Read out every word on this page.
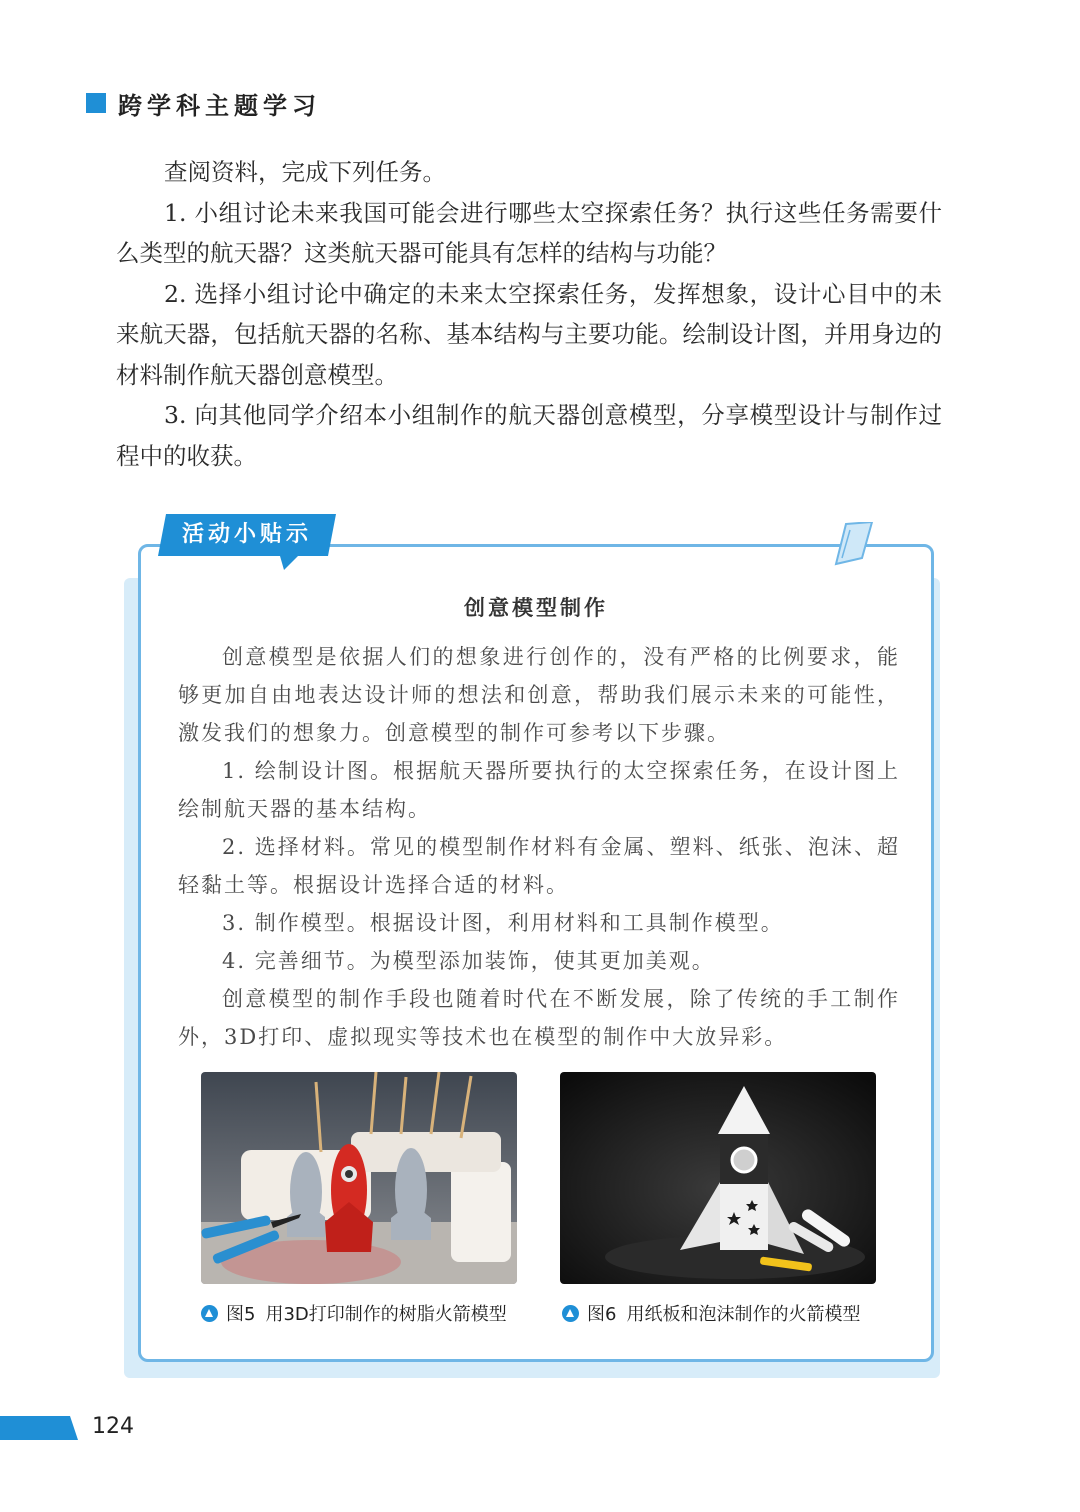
跨学科主题学习

查阅资料，完成下列任务。

1. 小组讨论未来我国可能会进行哪些太空探索任务？执行这些任务需要什么类型的航天器？这类航天器可能具有怎样的结构与功能？

2. 选择小组讨论中确定的未来太空探索任务，发挥想象，设计心目中的未来航天器，包括航天器的名称、基本结构与主要功能。绘制设计图，并用身边的材料制作航天器创意模型。

3. 向其他同学介绍本小组制作的航天器创意模型，分享模型设计与制作过程中的收获。

活动小贴示
创意模型制作

创意模型是依据人们的想象进行创作的，没有严格的比例要求，能够更加自由地表达设计师的想法和创意，帮助我们展示未来的可能性，激发我们的想象力。创意模型的制作可参考以下步骤。

1. 绘制设计图。根据航天器所要执行的太空探索任务，在设计图上绘制航天器的基本结构。

2. 选择材料。常见的模型制作材料有金属、塑料、纸张、泡沫、超轻黏土等。根据设计选择合适的材料。

3. 制作模型。根据设计图，利用材料和工具制作模型。

4. 完善细节。为模型添加装饰，使其更加美观。

创意模型的制作手段也随着时代在不断发展，除了传统的手工制作外，3D打印、虚拟现实等技术也在模型的制作中大放异彩。

图5 用3D打印制作的树脂火箭模型	图6 用纸板和泡沫制作的火箭模型
124
